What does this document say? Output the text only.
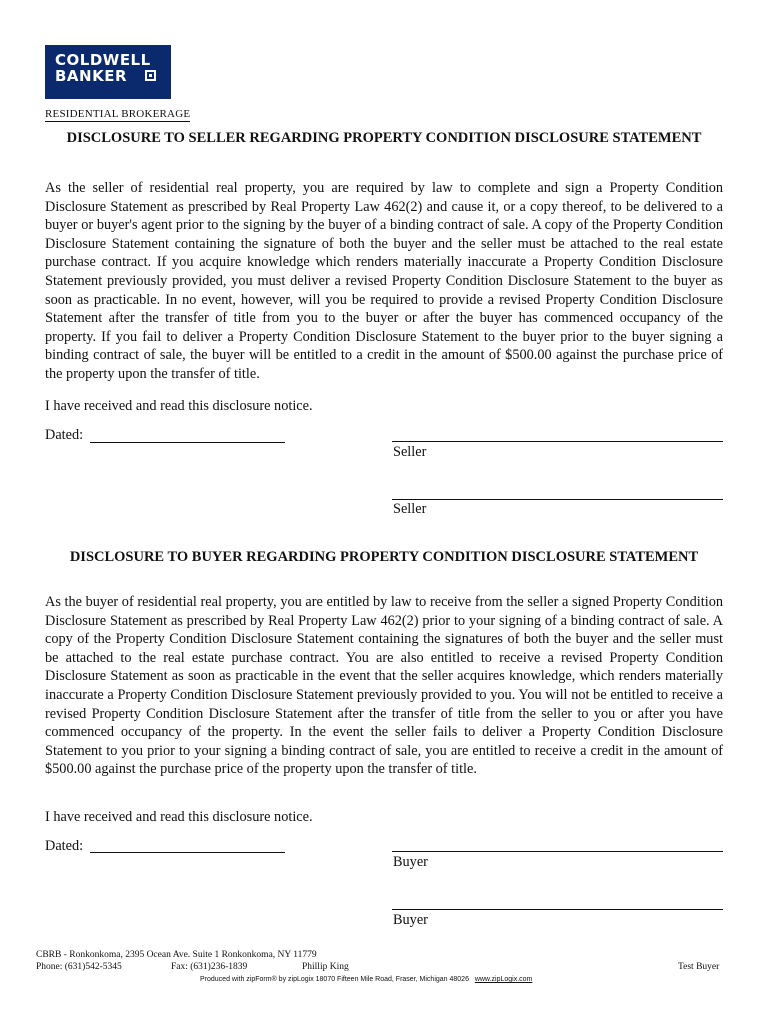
COLDWELL
BANKER
RESIDENTIAL BROKERAGE
DISCLOSURE TO SELLER REGARDING PROPERTY CONDITION DISCLOSURE STATEMENT
As the seller of residential real property, you are required by law to complete and sign a Property Condition Disclosure Statement as prescribed by Real Property Law 462(2) and cause it, or a copy thereof, to be delivered to a buyer or buyer's agent prior to the signing by the buyer of a binding contract of sale. A copy of the Property Condition Disclosure Statement containing the signature of both the buyer and the seller must be attached to the real estate purchase contract. If you acquire knowledge which renders materially inaccurate a Property Condition Disclosure Statement previously provided, you must deliver a revised Property Condition Disclosure Statement to the buyer as soon as practicable. In no event, however, will you be required to provide a revised Property Condition Disclosure Statement after the transfer of title from you to the buyer or after the buyer has commenced occupancy of the property. If you fail to deliver a Property Condition Disclosure Statement to the buyer prior to the buyer signing a binding contract of sale, the buyer will be entitled to a credit in the amount of $500.00 against the purchase price of the property upon the transfer of title.
I have received and read this disclosure notice.
Dated:
Seller
Seller
DISCLOSURE TO BUYER REGARDING PROPERTY CONDITION DISCLOSURE STATEMENT
As the buyer of residential real property, you are entitled by law to receive from the seller a signed Property Condition Disclosure Statement as prescribed by Real Property Law 462(2) prior to your signing of a binding contract of sale. A copy of the Property Condition Disclosure Statement containing the signatures of both the buyer and the seller must be attached to the real estate purchase contract. You are also entitled to receive a revised Property Condition Disclosure Statement as soon as practicable in the event that the seller acquires knowledge, which renders materially inaccurate a Property Condition Disclosure Statement previously provided to you. You will not be entitled to receive a revised Property Condition Disclosure Statement after the transfer of title from the seller to you or after you have commenced occupancy of the property. In the event the seller fails to deliver a Property Condition Disclosure Statement to you prior to your signing a binding contract of sale, you are entitled to receive a credit in the amount of $500.00 against the purchase price of the property upon the transfer of title.
I have received and read this disclosure notice.
Dated:
Buyer
Buyer
CBRB - Ronkonkoma, 2395 Ocean Ave. Suite 1 Ronkonkoma, NY 11779
Phone: (631)542-5345	Fax: (631)236-1839	Phillip King	Test Buyer
Produced with zipForm® by zipLogix 18070 Fifteen Mile Road, Fraser, Michigan 48026 www.zipLogix.com
